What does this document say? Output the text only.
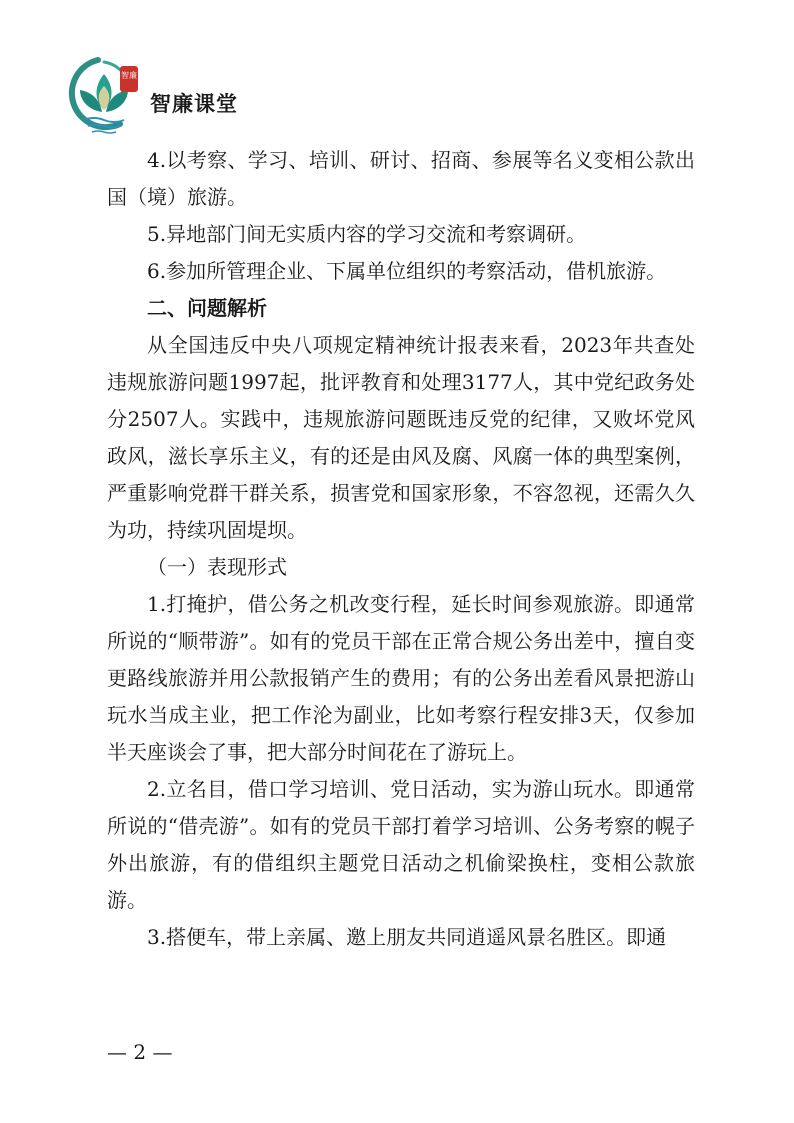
智廉
智廉课堂

4.以考察、学习、培训、研讨、招商、参展等名义变相公款出国（境）旅游。

5.异地部门间无实质内容的学习交流和考察调研。

6.参加所管理企业、下属单位组织的考察活动，借机旅游。

二、问题解析

从全国违反中央八项规定精神统计报表来看，2023年共查处违规旅游问题1997起，批评教育和处理3177人，其中党纪政务处分2507人。实践中，违规旅游问题既违反党的纪律，又败坏党风政风，滋长享乐主义，有的还是由风及腐、风腐一体的典型案例，严重影响党群干群关系，损害党和国家形象，不容忽视，还需久久为功，持续巩固堤坝。

（一）表现形式

1.打掩护，借公务之机改变行程，延长时间参观旅游。即通常所说的“顺带游”。如有的党员干部在正常合规公务出差中，擅自变更路线旅游并用公款报销产生的费用；有的公务出差看风景把游山玩水当成主业，把工作沦为副业，比如考察行程安排3天，仅参加半天座谈会了事，把大部分时间花在了游玩上。

2.立名目，借口学习培训、党日活动，实为游山玩水。即通常所说的“借壳游”。如有的党员干部打着学习培训、公务考察的幌子外出旅游，有的借组织主题党日活动之机偷梁换柱，变相公款旅游。

3.搭便车，带上亲属、邀上朋友共同逍遥风景名胜区。即通

— 2 —
